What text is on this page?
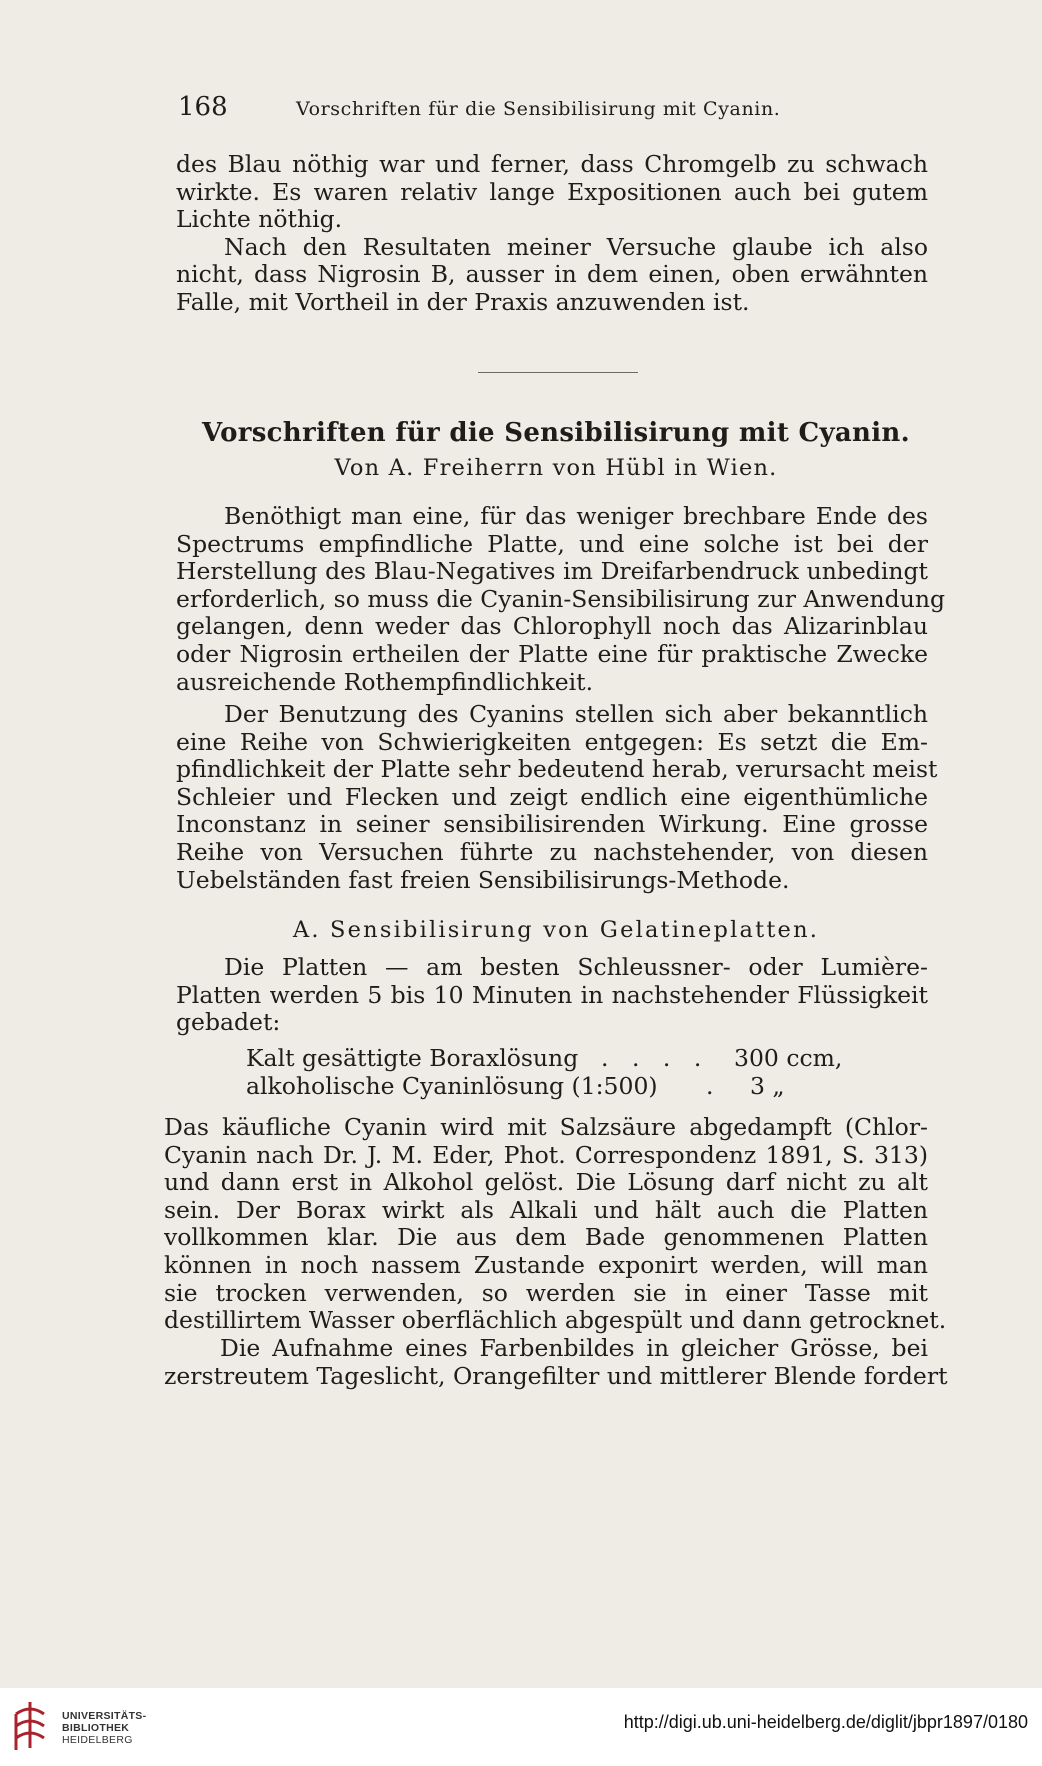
168	Vorschriften für die Sensibilisirung mit Cyanin.
des Blau nöthig war und ferner, dass Chromgelb zu schwach
wirkte. Es waren relativ lange Expositionen auch bei gutem
Lichte nöthig.
Nach den Resultaten meiner Versuche glaube ich also
nicht, dass Nigrosin B, ausser in dem einen, oben erwähnten
Falle, mit Vortheil in der Praxis anzuwenden ist.
Vorschriften für die Sensibilisirung mit Cyanin.
Von A. Freiherrn von Hübl in Wien.
Benöthigt man eine, für das weniger brechbare Ende des
Spectrums empfindliche Platte, und eine solche ist bei der
Herstellung des Blau-Negatives im Dreifarbendruck unbedingt
erforderlich, so muss die Cyanin-Sensibilisirung zur Anwendung
gelangen, denn weder das Chlorophyll noch das Alizarinblau
oder Nigrosin ertheilen der Platte eine für praktische Zwecke
ausreichende Rothempfindlichkeit.
Der Benutzung des Cyanins stellen sich aber bekanntlich
eine Reihe von Schwierigkeiten entgegen: Es setzt die Em-
pfindlichkeit der Platte sehr bedeutend herab, verursacht meist
Schleier und Flecken und zeigt endlich eine eigenthümliche
Inconstanz in seiner sensibilisirenden Wirkung. Eine grosse
Reihe von Versuchen führte zu nachstehender, von diesen
Uebelständen fast freien Sensibilisirungs-Methode.
A. Sensibilisirung von Gelatineplatten.
Die Platten — am besten Schleussner- oder Lumière-
Platten werden 5 bis 10 Minuten in nachstehender Flüssigkeit
gebadet:
Kalt gesättigte Boraxlösung . . . . 300 ccm,
alkoholische Cyaninlösung (1:500) . 3 „
Das käufliche Cyanin wird mit Salzsäure abgedampft (Chlor-
Cyanin nach Dr. J. M. Eder, Phot. Correspondenz 1891, S. 313)
und dann erst in Alkohol gelöst. Die Lösung darf nicht zu alt
sein. Der Borax wirkt als Alkali und hält auch die Platten
vollkommen klar. Die aus dem Bade genommenen Platten
können in noch nassem Zustande exponirt werden, will man
sie trocken verwenden, so werden sie in einer Tasse mit
destillirtem Wasser oberflächlich abgespült und dann getrocknet.
Die Aufnahme eines Farbenbildes in gleicher Grösse, bei
zerstreutem Tageslicht, Orangefilter und mittlerer Blende fordert
UNIVERSITÄTS-
BIBLIOTHEK
HEIDELBERG
http://digi.ub.uni-heidelberg.de/diglit/jbpr1897/0180
